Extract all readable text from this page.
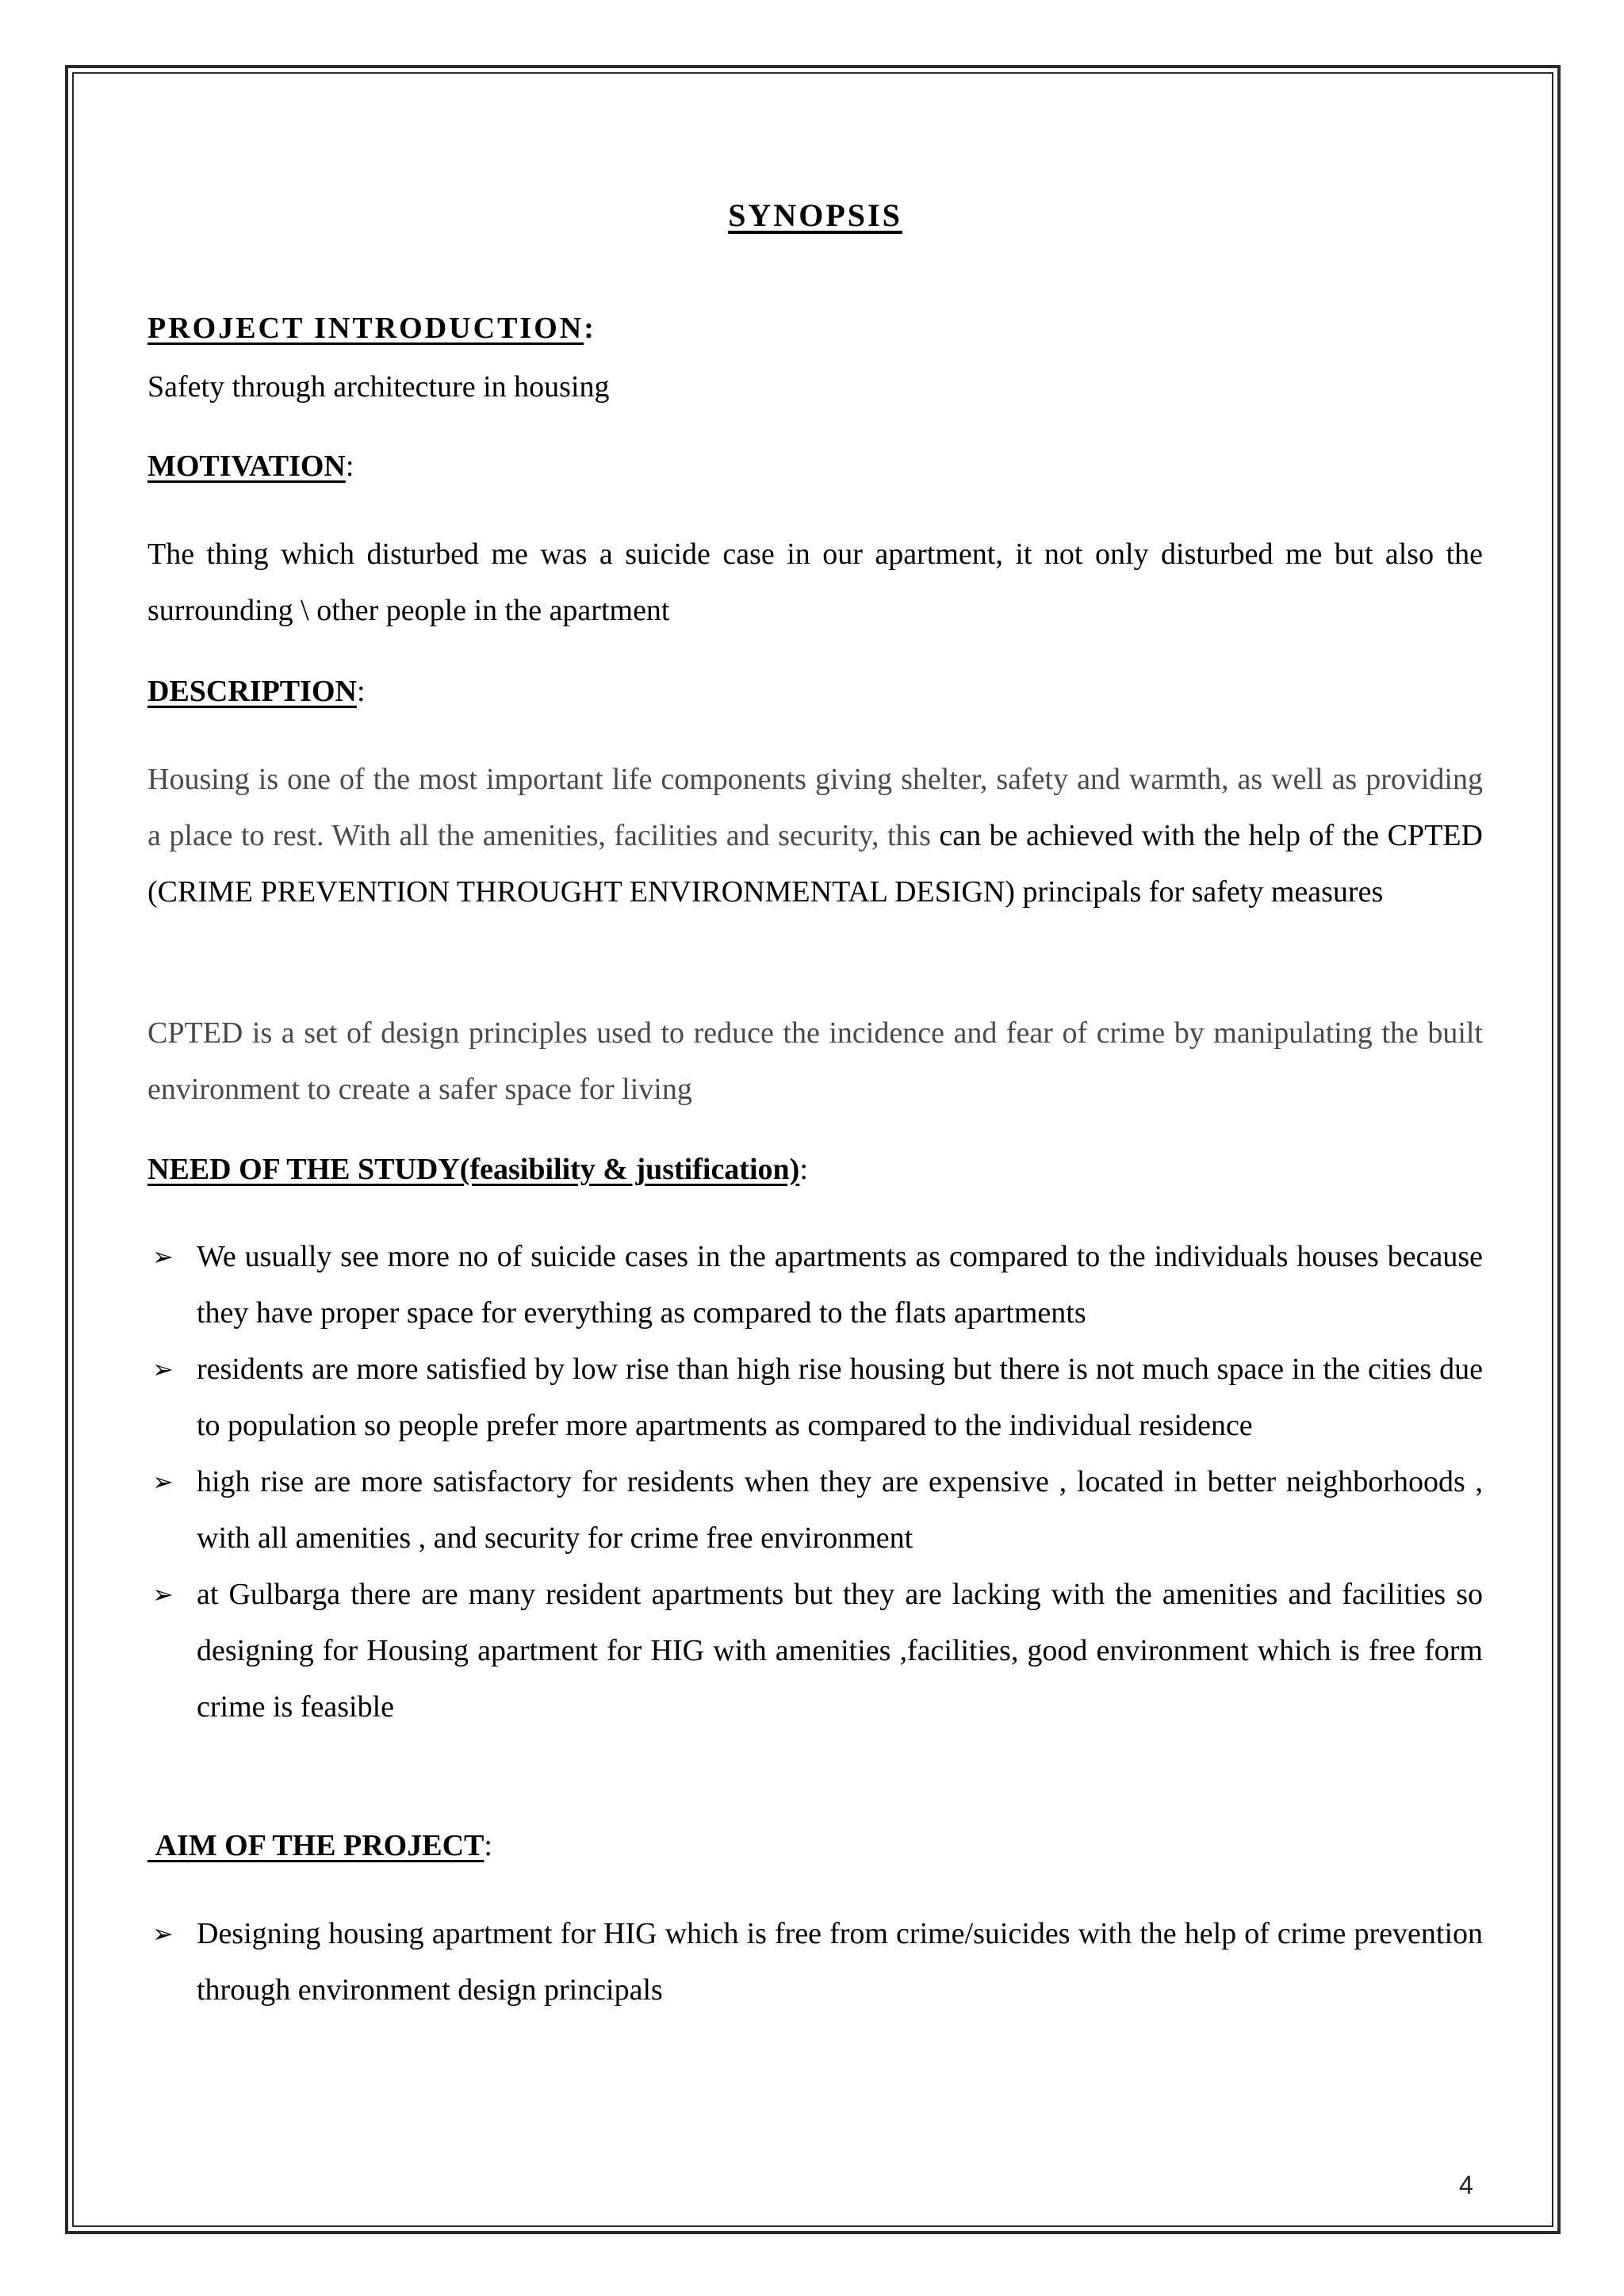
SYNOPSIS
PROJECT INTRODUCTION:
Safety through architecture in housing
MOTIVATION:
The thing which disturbed me was a suicide case in our apartment, it not only disturbed me but also the surrounding \ other people in the apartment
DESCRIPTION:
Housing is one of the most important life components giving shelter, safety and warmth, as well as providing a place to rest. With all the amenities, facilities and security, this can be achieved with the help of the CPTED (CRIME PREVENTION THROUGHT ENVIRONMENTAL DESIGN) principals for safety measures
CPTED is a set of design principles used to reduce the incidence and fear of crime by manipulating the built environment to create a safer space for living
NEED OF THE STUDY(feasibility & justification):
➢ We usually see more no of suicide cases in the apartments as compared to the individuals houses because they have proper space for everything as compared to the flats apartments
➢ residents are more satisfied by low rise than high rise housing but there is not much space in the cities due to population so people prefer more apartments as compared to the individual residence
➢ high rise are more satisfactory for residents when they are expensive , located in better neighborhoods , with all amenities , and security for crime free environment
➢ at Gulbarga there are many resident apartments but they are lacking with the amenities and facilities so designing for Housing apartment for HIG with amenities ,facilities, good environment which is free form crime is feasible
AIM OF THE PROJECT:
➢ Designing housing apartment for HIG which is free from crime/suicides with the help of crime prevention through environment design principals
4
